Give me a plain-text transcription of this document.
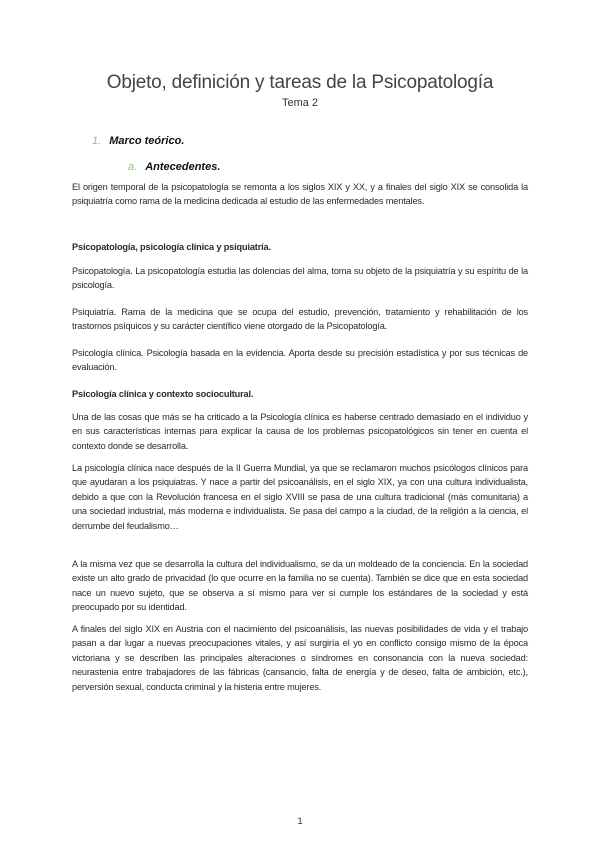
Objeto, definición y tareas de la Psicopatología
Tema 2
1. Marco teórico.
a. Antecedentes.

El origen temporal de la psicopatología se remonta a los siglos XIX y XX, y a finales del siglo XIX se consolida la psiquiatría como rama de la medicina dedicada al estudio de las enfermedades mentales.

Psicopatología, psicología clínica y psiquiatría.

Psicopatología. La psicopatología estudia las dolencias del alma, toma su objeto de la psiquiatría y su espíritu de la psicología.

Psiquiatría. Rama de la medicina que se ocupa del estudio, prevención, tratamiento y rehabilitación de los trastornos psíquicos y su carácter científico viene otorgado de la Psicopatología.

Psicología clínica. Psicología basada en la evidencia. Aporta desde su precisión estadística y por sus técnicas de evaluación.

Psicología clínica y contexto sociocultural.

Una de las cosas que más se ha criticado a la Psicología clínica es haberse centrado demasiado en el individuo y en sus características internas para explicar la causa de los problemas psicopatológicos sin tener en cuenta el contexto donde se desarrolla.

La psicología clínica nace después de la II Guerra Mundial, ya que se reclamaron muchos psicólogos clínicos para que ayudaran a los psiquiatras. Y nace a partir del psicoanálisis, en el siglo XIX, ya con una cultura individualista, debido a que con la Revolución francesa en el siglo XVIII se pasa de una cultura tradicional (más comunitaria) a una sociedad industrial, más moderna e individualista. Se pasa del campo a la ciudad, de la religión a la ciencia, el derrumbe del feudalismo…

A la misma vez que se desarrolla la cultura del individualismo, se da un moldeado de la conciencia. En la sociedad existe un alto grado de privacidad (lo que ocurre en la familia no se cuenta). También se dice que en esta sociedad nace un nuevo sujeto, que se observa a sí mismo para ver si cumple los estándares de la sociedad y está preocupado por su identidad.

A finales del siglo XIX en Austria con el nacimiento del psicoanálisis, las nuevas posibilidades de vida y el trabajo pasan a dar lugar a nuevas preocupaciones vitales, y así surgiría el yo en conflicto consigo mismo de la época victoriana y se describen las principales alteraciones o síndromes en consonancia con la nueva sociedad: neurastenia entre trabajadores de las fábricas (cansancio, falta de energía y de deseo, falta de ambición, etc.), perversión sexual, conducta criminal y la histeria entre mujeres.

1
